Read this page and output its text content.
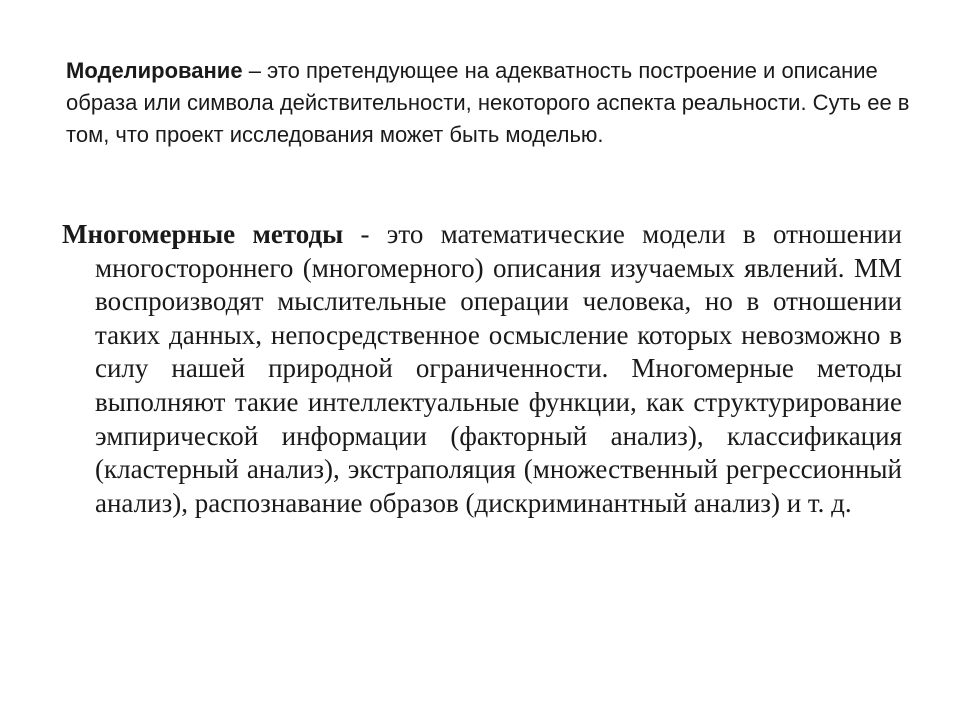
Моделирование – это претендующее на адекватность построение и описание образа или символа действительности, некоторого аспекта реальности. Суть ее в том, что проект исследования может быть моделью.

Многомерные методы - это математические модели в отношении многостороннего (многомерного) описания изучаемых явлений. ММ воспроизводят мыслительные операции человека, но в отношении таких данных, непосредственное осмысление которых невозможно в силу нашей природной ограниченности. Многомерные методы выполняют такие интеллектуальные функции, как структурирование эмпирической информации (факторный анализ), классификация (кластерный анализ), экстраполяция (множественный регрессионный анализ), распознавание образов (дискриминантный анализ) и т. д.
